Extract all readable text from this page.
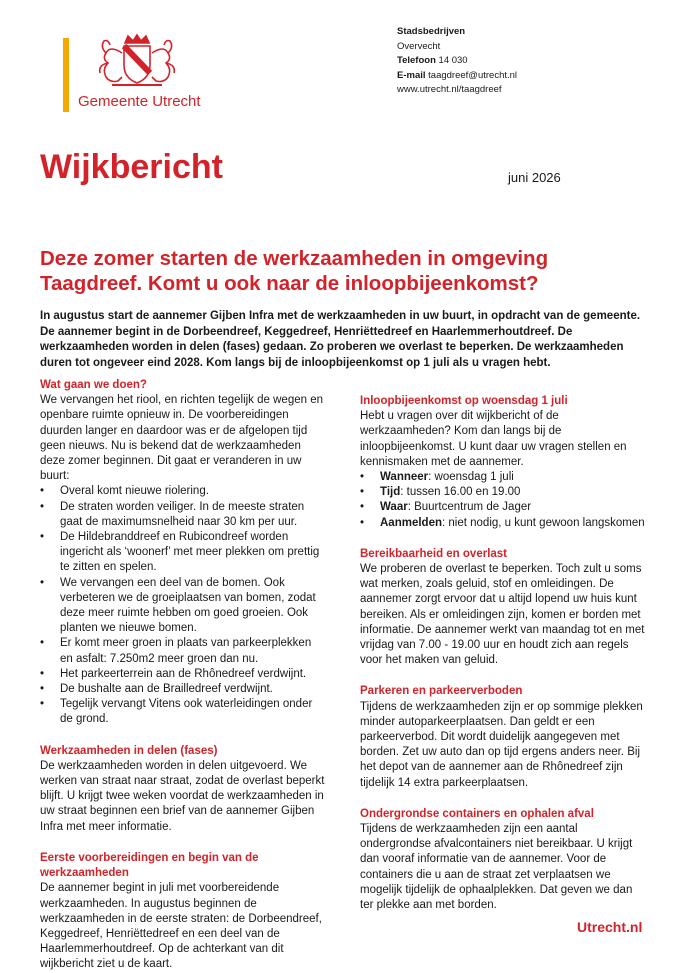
Gemeente Utrecht
Stadsbedrijven
Overvecht
Telefoon 14 030
E-mail taagdreef@utrecht.nl
www.utrecht.nl/taagdreef
Wijkbericht	juni 2026
Deze zomer starten de werkzaamheden in omgeving Taagdreef. Komt u ook naar de inloopbijeenkomst?

In augustus start de aannemer Gijben Infra met de werkzaamheden in uw buurt, in opdracht van de gemeente. De aannemer begint in de Dorbeendreef, Keggedreef, Henriëttedreef en Haarlemmerhoutdreef. De werkzaamheden worden in delen (fases) gedaan. Zo proberen we overlast te beperken. De werkzaamheden duren tot ongeveer eind 2028. Kom langs bij de inloopbijeenkomst op 1 juli als u vragen hebt.

Wat gaan we doen?

We vervangen het riool, en richten tegelijk de wegen en openbare ruimte opnieuw in. De voorbereidingen duurden langer en daardoor was er de afgelopen tijd geen nieuws. Nu is bekend dat de werkzaamheden deze zomer beginnen. Dit gaat er veranderen in uw buurt:

• Overal komt nieuwe riolering.
• De straten worden veiliger. In de meeste straten gaat de maximumsnelheid naar 30 km per uur.
• De Hildebranddreef en Rubicondreef worden ingericht als ‘woonerf’ met meer plekken om prettig te zitten en spelen.
• We vervangen een deel van de bomen. Ook verbeteren we de groeiplaatsen van bomen, zodat deze meer ruimte hebben om goed groeien. Ook planten we nieuwe bomen.
• Er komt meer groen in plaats van parkeerplekken en asfalt: 7.250m2 meer groen dan nu.
• Het parkeerterrein aan de Rhônedreef verdwijnt.
• De bushalte aan de Brailledreef verdwijnt.
• Tegelijk vervangt Vitens ook waterleidingen onder de grond.
Werkzaamheden in delen (fases)

De werkzaamheden worden in delen uitgevoerd. We werken van straat naar straat, zodat de overlast beperkt blijft. U krijgt twee weken voordat de werkzaamheden in uw straat beginnen een brief van de aannemer Gijben Infra met meer informatie.

Eerste voorbereidingen en begin van de werkzaamheden

De aannemer begint in juli met voorbereidende werkzaamheden. In augustus beginnen de werkzaamheden in de eerste straten: de Dorbeendreef, Keggedreef, Henriëttedreef en een deel van de Haarlemmerhoutdreef. Op de achterkant van dit wijkbericht ziet u de kaart.

Inloopbijeenkomst op woensdag 1 juli

Hebt u vragen over dit wijkbericht of de werkzaamheden? Kom dan langs bij de inloopbijeenkomst. U kunt daar uw vragen stellen en kennismaken met de aannemer.

• Wanneer: woensdag 1 juli
• Tijd: tussen 16.00 en 19.00
• Waar: Buurtcentrum de Jager
• Aanmelden: niet nodig, u kunt gewoon langskomen
Bereikbaarheid en overlast

We proberen de overlast te beperken. Toch zult u soms wat merken, zoals geluid, stof en omleidingen. De aannemer zorgt ervoor dat u altijd lopend uw huis kunt bereiken. Als er omleidingen zijn, komen er borden met informatie. De aannemer werkt van maandag tot en met vrijdag van 7.00 - 19.00 uur en houdt zich aan regels voor het maken van geluid.

Parkeren en parkeerverboden

Tijdens de werkzaamheden zijn er op sommige plekken minder autoparkeerplaatsen. Dan geldt er een parkeerverbod. Dit wordt duidelijk aangegeven met borden. Zet uw auto dan op tijd ergens anders neer. Bij het depot van de aannemer aan de Rhônedreef zijn tijdelijk 14 extra parkeerplaatsen.

Ondergrondse containers en ophalen afval

Tijdens de werkzaamheden zijn een aantal ondergrondse afvalcontainers niet bereikbaar. U krijgt dan vooraf informatie van de aannemer. Voor de containers die u aan de straat zet verplaatsen we mogelijk tijdelijk de ophaalplekken. Dat geven we dan ter plekke aan met borden.

Utrecht.nl
